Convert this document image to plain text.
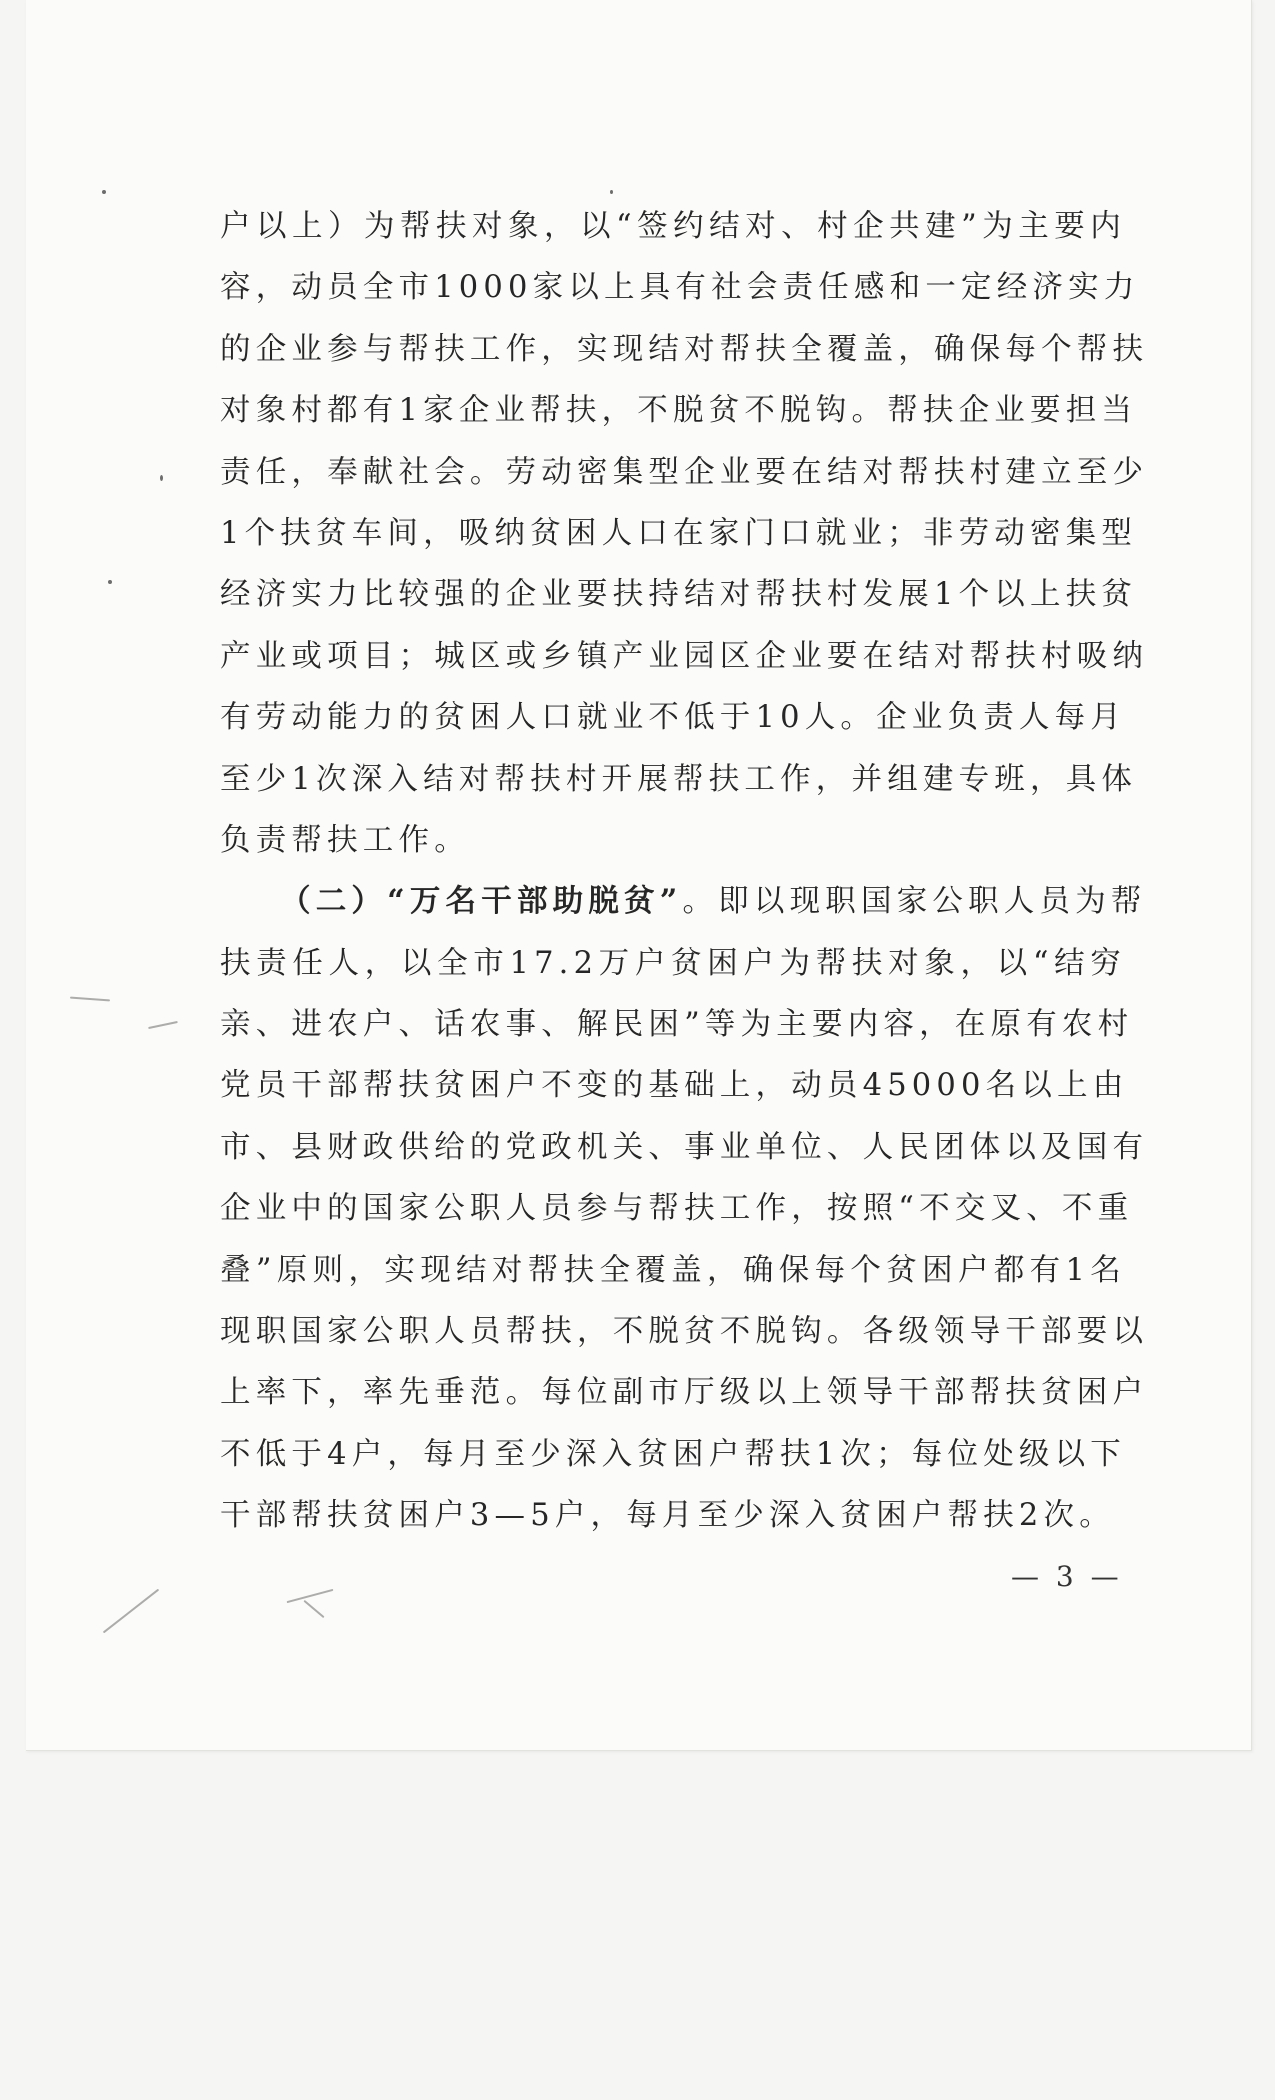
户以上）为帮扶对象，以“签约结对、村企共建”为主要内
容，动员全市1000家以上具有社会责任感和一定经济实力
的企业参与帮扶工作，实现结对帮扶全覆盖，确保每个帮扶
对象村都有1家企业帮扶，不脱贫不脱钩。帮扶企业要担当
责任，奉献社会。劳动密集型企业要在结对帮扶村建立至少
1个扶贫车间，吸纳贫困人口在家门口就业；非劳动密集型
经济实力比较强的企业要扶持结对帮扶村发展1个以上扶贫
产业或项目；城区或乡镇产业园区企业要在结对帮扶村吸纳
有劳动能力的贫困人口就业不低于10人。企业负责人每月
至少1次深入结对帮扶村开展帮扶工作，并组建专班，具体
负责帮扶工作。
（二）“万名干部助脱贫”。即以现职国家公职人员为帮
扶责任人，以全市17.2万户贫困户为帮扶对象，以“结穷
亲、进农户、话农事、解民困”等为主要内容，在原有农村
党员干部帮扶贫困户不变的基础上，动员45000名以上由
市、县财政供给的党政机关、事业单位、人民团体以及国有
企业中的国家公职人员参与帮扶工作，按照“不交叉、不重
叠”原则，实现结对帮扶全覆盖，确保每个贫困户都有1名
现职国家公职人员帮扶，不脱贫不脱钩。各级领导干部要以
上率下，率先垂范。每位副市厅级以上领导干部帮扶贫困户
不低于4户，每月至少深入贫困户帮扶1次；每位处级以下
干部帮扶贫困户3—5户，每月至少深入贫困户帮扶2次。
— 3 —
